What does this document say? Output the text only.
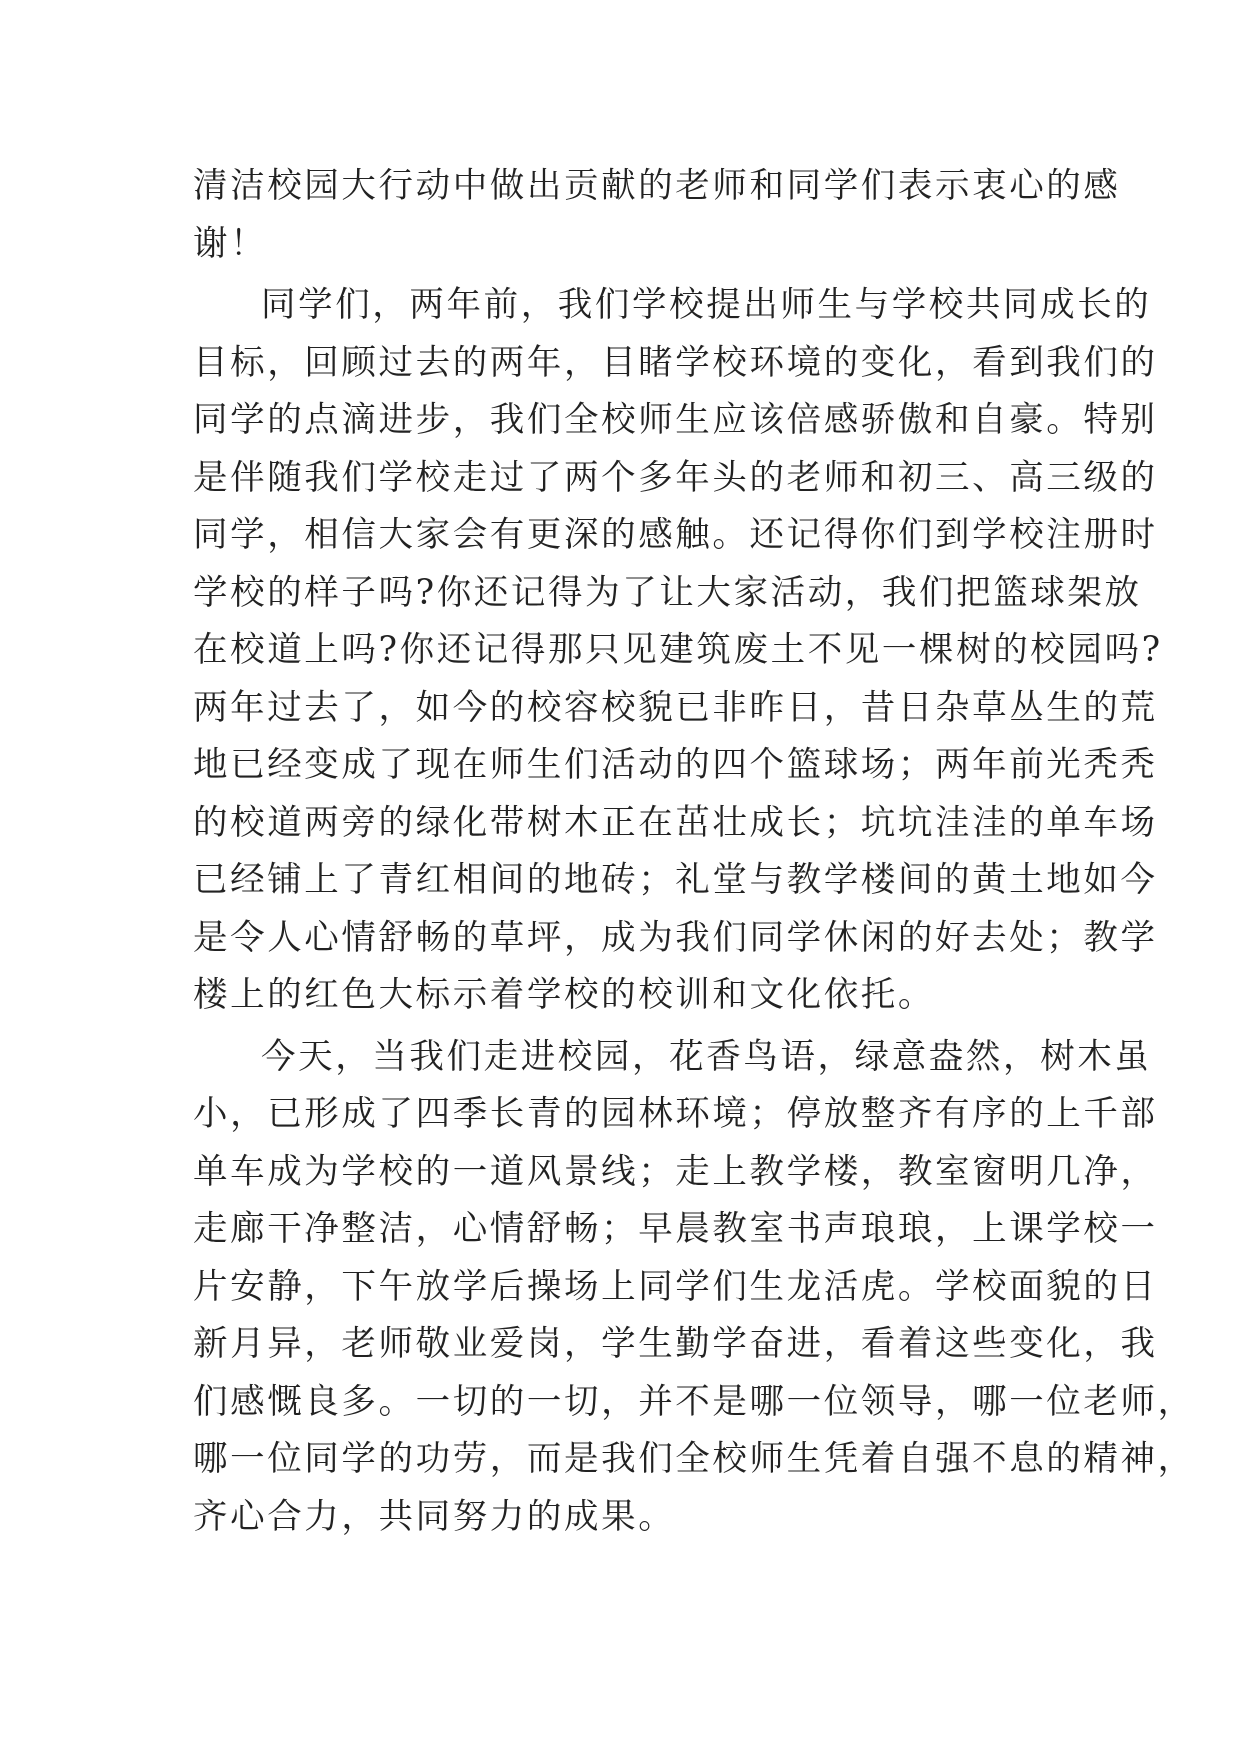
清洁校园大行动中做出贡献的老师和同学们表示衷心的感
谢！
同学们，两年前，我们学校提出师生与学校共同成长的
目标，回顾过去的两年，目睹学校环境的变化，看到我们的
同学的点滴进步，我们全校师生应该倍感骄傲和自豪。特别
是伴随我们学校走过了两个多年头的老师和初三、高三级的
同学，相信大家会有更深的感触。还记得你们到学校注册时
学校的样子吗?你还记得为了让大家活动，我们把篮球架放
在校道上吗?你还记得那只见建筑废土不见一棵树的校园吗?
两年过去了，如今的校容校貌已非昨日，昔日杂草丛生的荒
地已经变成了现在师生们活动的四个篮球场；两年前光秃秃
的校道两旁的绿化带树木正在茁壮成长；坑坑洼洼的单车场
已经铺上了青红相间的地砖；礼堂与教学楼间的黄土地如今
是令人心情舒畅的草坪，成为我们同学休闲的好去处；教学
楼上的红色大标示着学校的校训和文化依托。
今天，当我们走进校园，花香鸟语，绿意盎然，树木虽
小，已形成了四季长青的园林环境；停放整齐有序的上千部
单车成为学校的一道风景线；走上教学楼，教室窗明几净，
走廊干净整洁，心情舒畅；早晨教室书声琅琅，上课学校一
片安静，下午放学后操场上同学们生龙活虎。学校面貌的日
新月异，老师敬业爱岗，学生勤学奋进，看着这些变化，我
们感慨良多。一切的一切，并不是哪一位领导，哪一位老师，
哪一位同学的功劳，而是我们全校师生凭着自强不息的精神，
齐心合力，共同努力的成果。
